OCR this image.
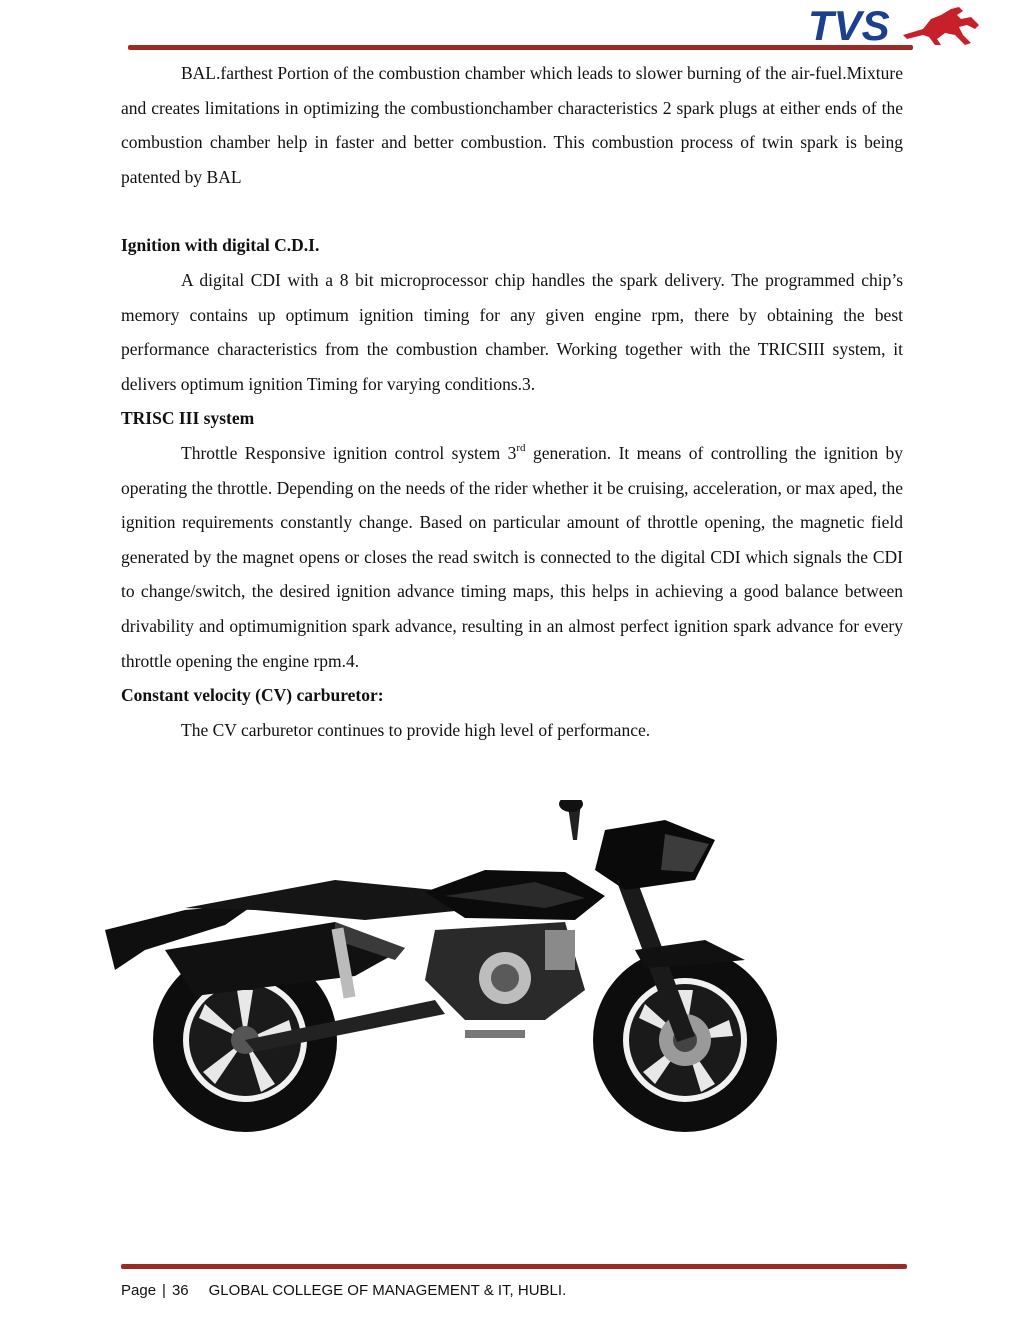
TVS

BAL.farthest Portion of the combustion chamber which leads to slower burning of the air-fuel.Mixture and creates limitations in optimizing the combustionchamber characteristics 2 spark plugs at either ends of the combustion chamber help in faster and better combustion. This combustion process of twin spark is being patented by BAL

Ignition with digital C.D.I.

A digital CDI with a 8 bit microprocessor chip handles the spark delivery. The programmed chip’s memory contains up optimum ignition timing for any given engine rpm, there by obtaining the best performance characteristics from the combustion chamber. Working together with the TRICSIII system, it delivers optimum ignition Timing for varying conditions.3.

TRISC III system

Throttle Responsive ignition control system 3rd generation. It means of controlling the ignition by operating the throttle. Depending on the needs of the rider whether it be cruising, acceleration, or max aped, the ignition requirements constantly change. Based on particular amount of throttle opening, the magnetic field generated by the magnet opens or closes the read switch is connected to the digital CDI which signals the CDI to change/switch, the desired ignition advance timing maps, this helps in achieving a good balance between drivability and optimumignition spark advance, resulting in an almost perfect ignition spark advance for every throttle opening the engine rpm.4.

Constant velocity (CV) carburetor:

The CV carburetor continues to provide high level of performance.

Page | 36 GLOBAL COLLEGE OF MANAGEMENT & IT, HUBLI.
